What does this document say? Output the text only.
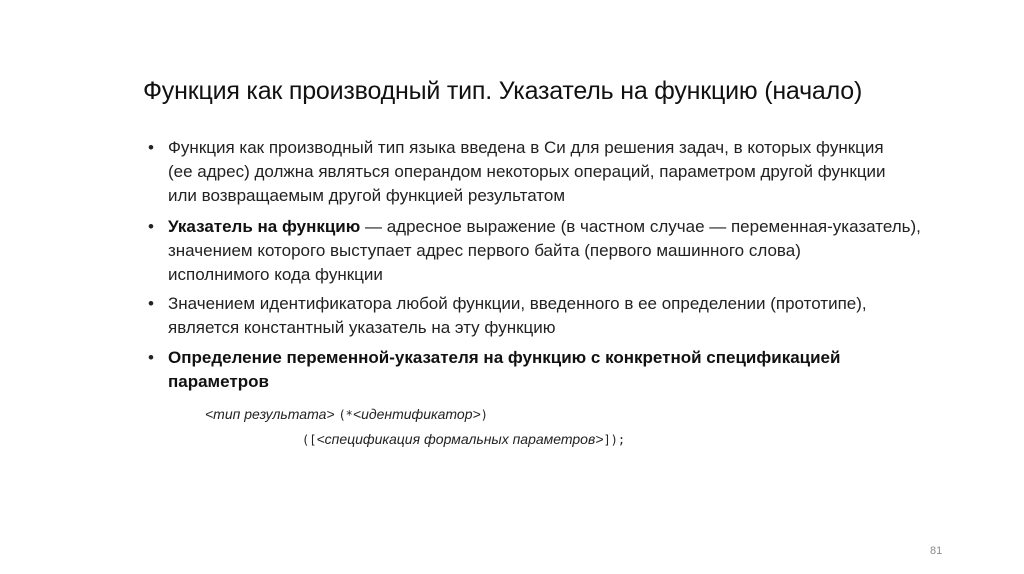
Функция как производный тип. Указатель на функцию (начало)
• Функция как производный тип языка введена в Си для решения задач, в которых функция
(ее адрес) должна являться операндом некоторых операций, параметром другой функции
или возвращаемым другой функцией результатом
• Указатель на функцию — адресное выражение (в частном случае — переменная-указатель),
значением которого выступает адрес первого байта (первого машинного слова)
исполнимого кода функции
• Значением идентификатора любой функции, введенного в ее определении (прототипе),
является константный указатель на эту функцию
• Определение переменной-указателя на функцию с конкретной спецификацией
параметров
<тип результата> (*<идентификатор>)
([<спецификация формальных параметров>]);
81
